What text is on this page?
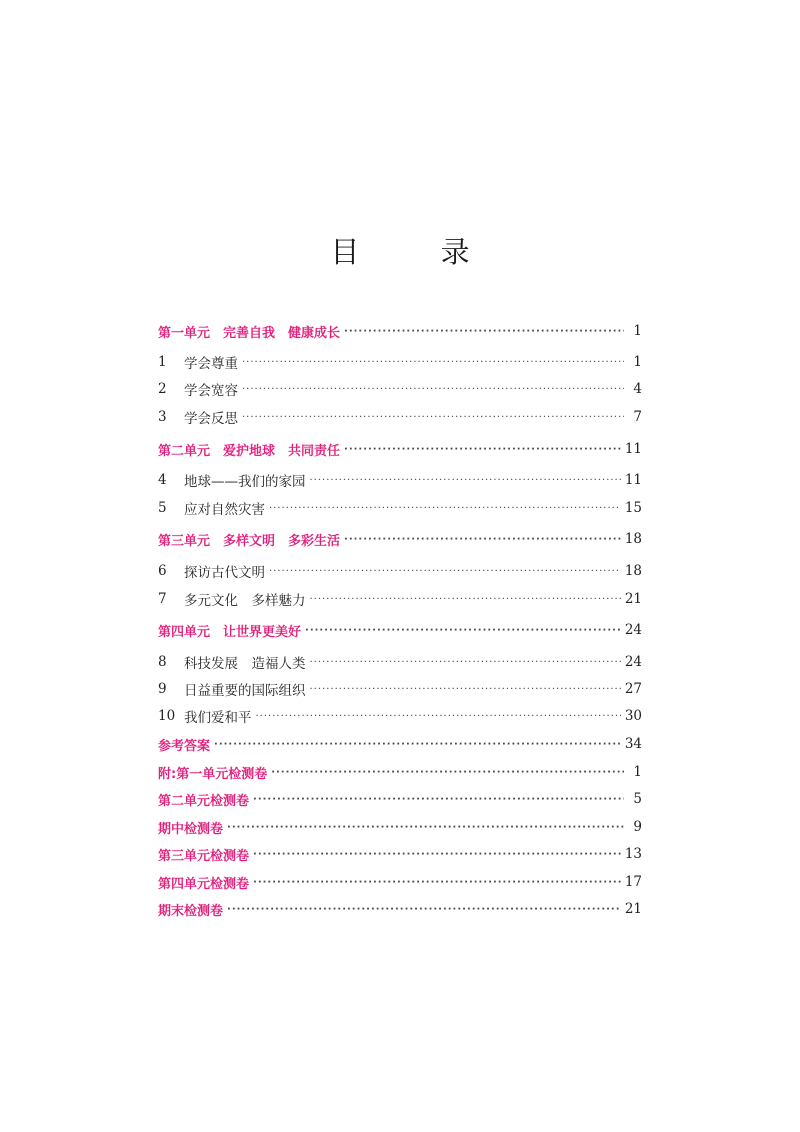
目 录
第一单元　完善自我　健康成长 ·····	1
1	学会尊重 ·····	1
2	学会宽容 ·····	4
3	学会反思 ·····	7
第二单元　爱护地球　共同责任 ·····	11
4	地球——我们的家园 ·····	11
5	应对自然灾害 ·····	15
第三单元　多样文明　多彩生活 ·····	18
6	探访古代文明 ·····	18
7	多元文化　多样魅力 ·····	21
第四单元　让世界更美好 ·····	24
8	科技发展　造福人类 ·····	24
9	日益重要的国际组织 ·····	27
10 我们爱和平 ·····	30
参考答案 ·····	34
附:第一单元检测卷 ·····	1
第二单元检测卷 ·····	5
期中检测卷 ·····	9
第三单元检测卷 ·····	13
第四单元检测卷 ·····	17
期末检测卷 ·····	21
